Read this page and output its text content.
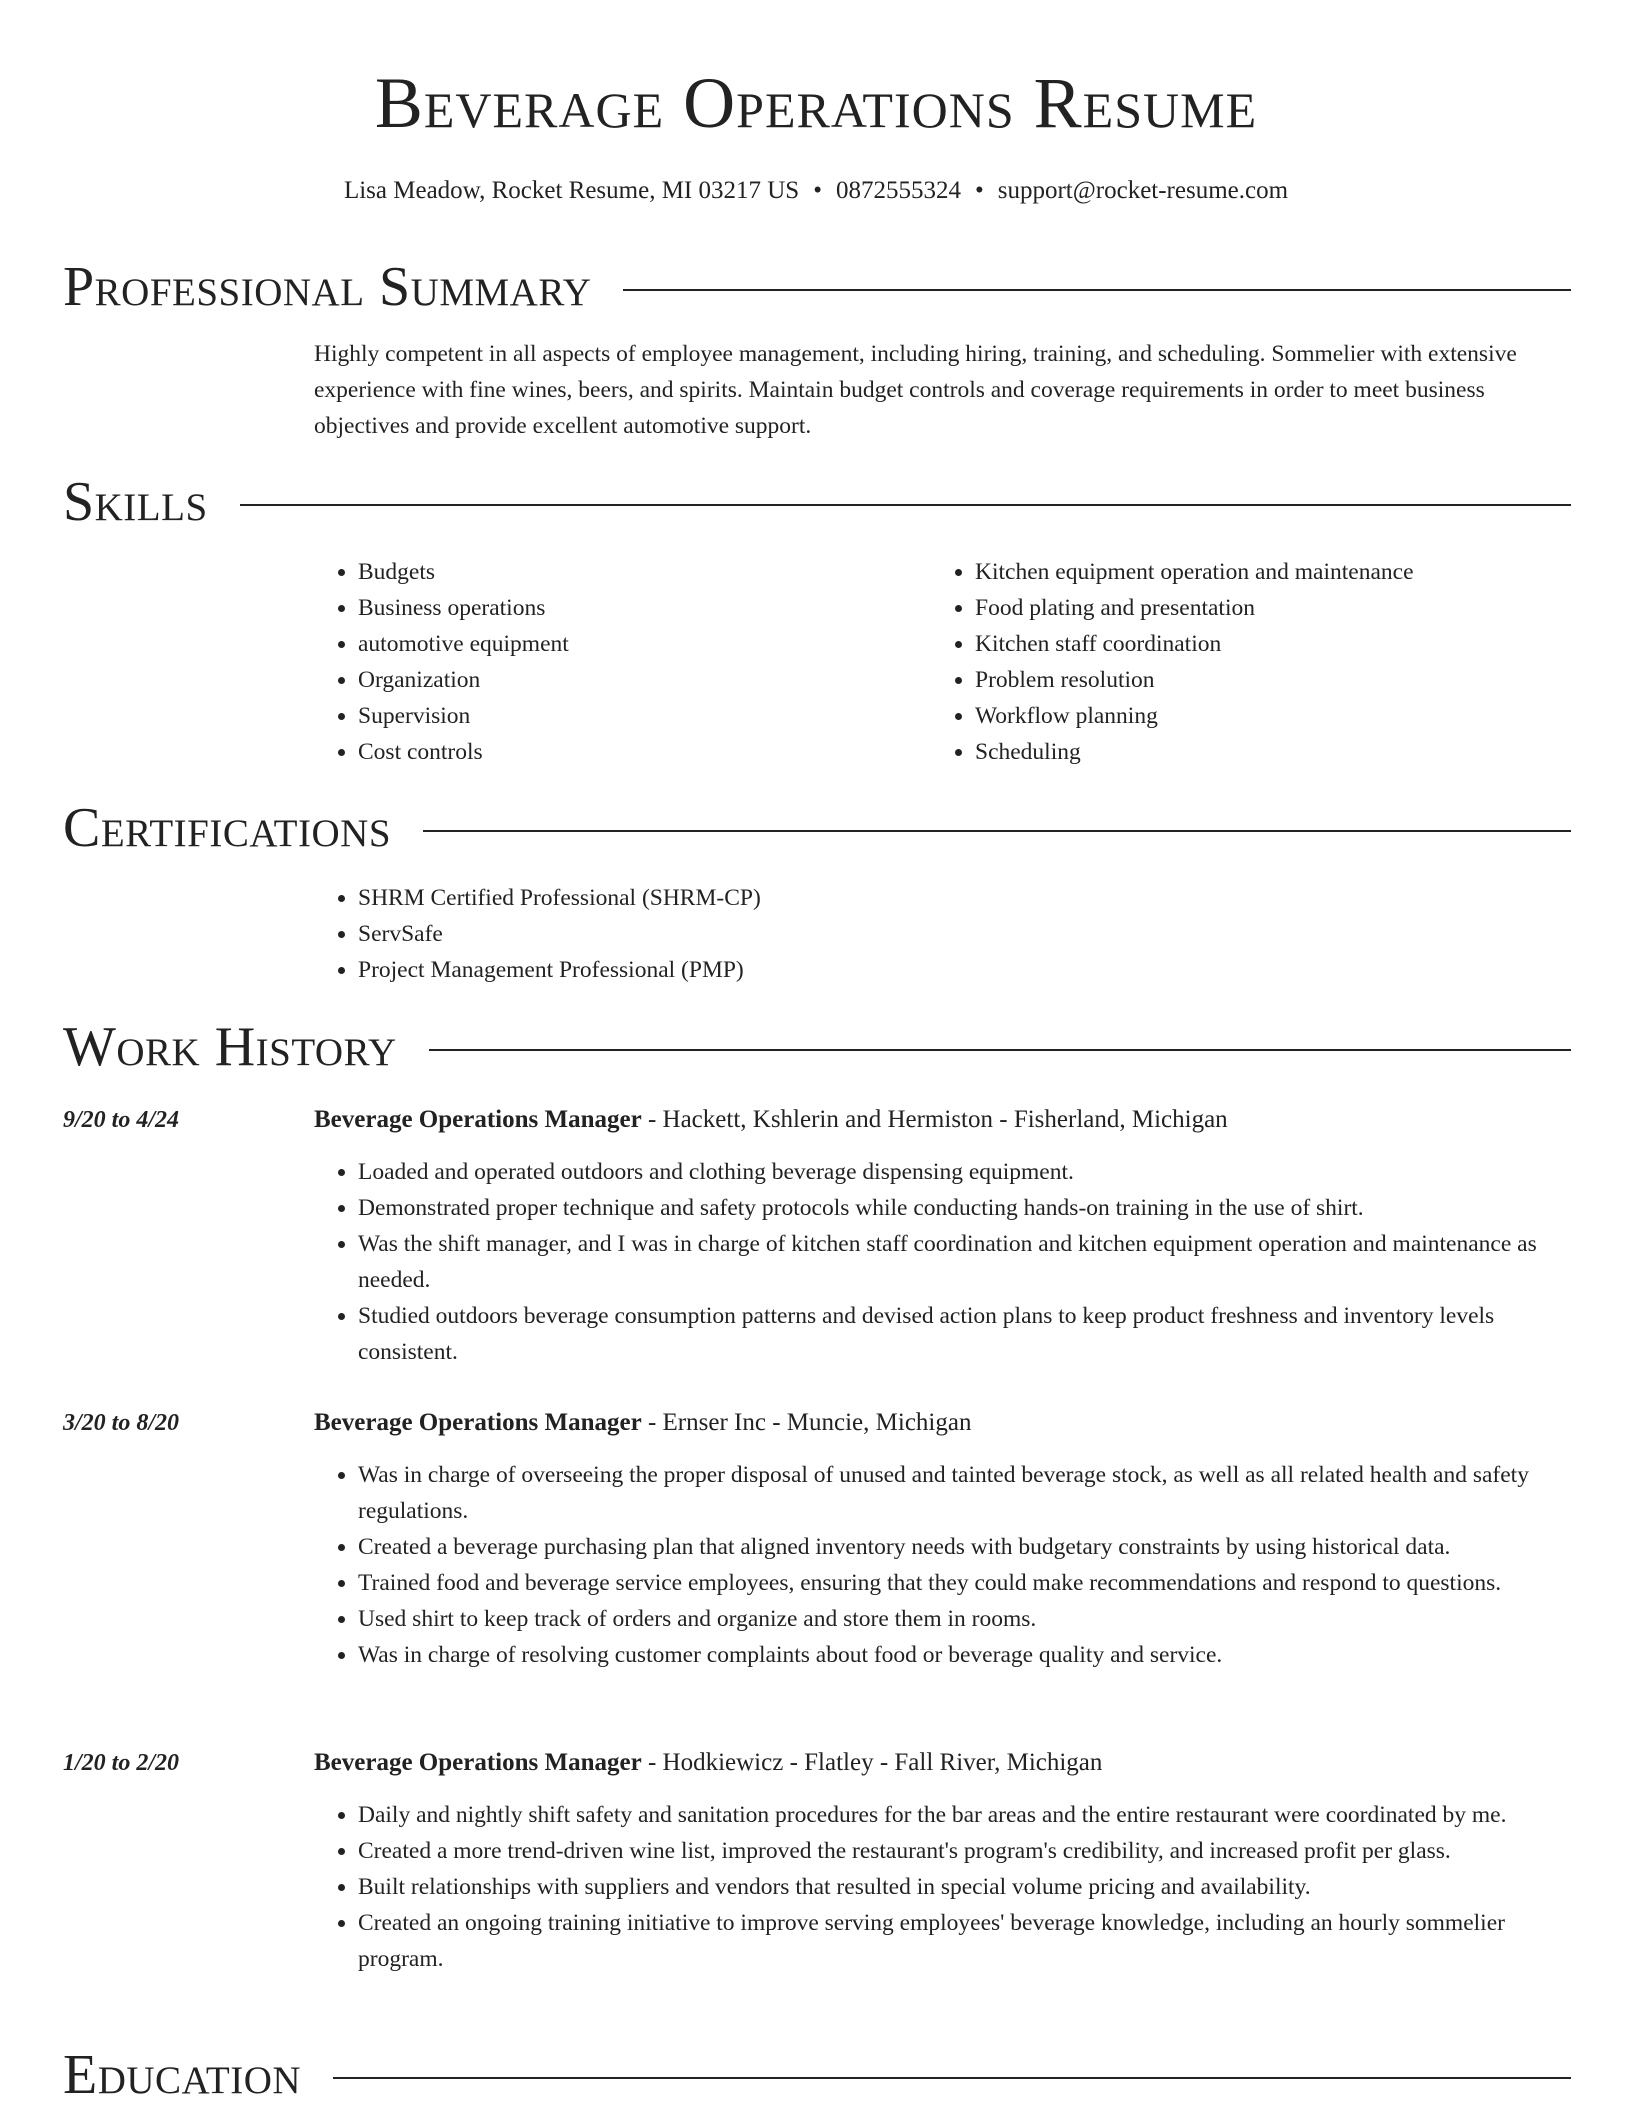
Beverage Operations Resume
Lisa Meadow, Rocket Resume, MI 03217 US • 0872555324 • support@rocket-resume.com
Professional Summary
Highly competent in all aspects of employee management, including hiring, training, and scheduling. Sommelier with extensive experience with fine wines, beers, and spirits. Maintain budget controls and coverage requirements in order to meet business objectives and provide excellent automotive support.
Skills
• Budgets
• Business operations
• automotive equipment
• Organization
• Supervision
• Cost controls
• Kitchen equipment operation and maintenance
• Food plating and presentation
• Kitchen staff coordination
• Problem resolution
• Workflow planning
• Scheduling
Certifications
• SHRM Certified Professional (SHRM-CP)
• ServSafe
• Project Management Professional (PMP)
Work History
9/20 to 4/24	Beverage Operations Manager - Hackett, Kshlerin and Hermiston - Fisherland, Michigan
• Loaded and operated outdoors and clothing beverage dispensing equipment.
• Demonstrated proper technique and safety protocols while conducting hands-on training in the use of shirt.
• Was the shift manager, and I was in charge of kitchen staff coordination and kitchen equipment operation and maintenance as needed.
• Studied outdoors beverage consumption patterns and devised action plans to keep product freshness and inventory levels consistent.
3/20 to 8/20	Beverage Operations Manager - Ernser Inc - Muncie, Michigan
• Was in charge of overseeing the proper disposal of unused and tainted beverage stock, as well as all related health and safety regulations.
• Created a beverage purchasing plan that aligned inventory needs with budgetary constraints by using historical data.
• Trained food and beverage service employees, ensuring that they could make recommendations and respond to questions.
• Used shirt to keep track of orders and organize and store them in rooms.
• Was in charge of resolving customer complaints about food or beverage quality and service.
1/20 to 2/20	Beverage Operations Manager - Hodkiewicz - Flatley - Fall River, Michigan
• Daily and nightly shift safety and sanitation procedures for the bar areas and the entire restaurant were coordinated by me.
• Created a more trend-driven wine list, improved the restaurant's program's credibility, and increased profit per glass.
• Built relationships with suppliers and vendors that resulted in special volume pricing and availability.
• Created an ongoing training initiative to improve serving employees' beverage knowledge, including an hourly sommelier program.
Education
